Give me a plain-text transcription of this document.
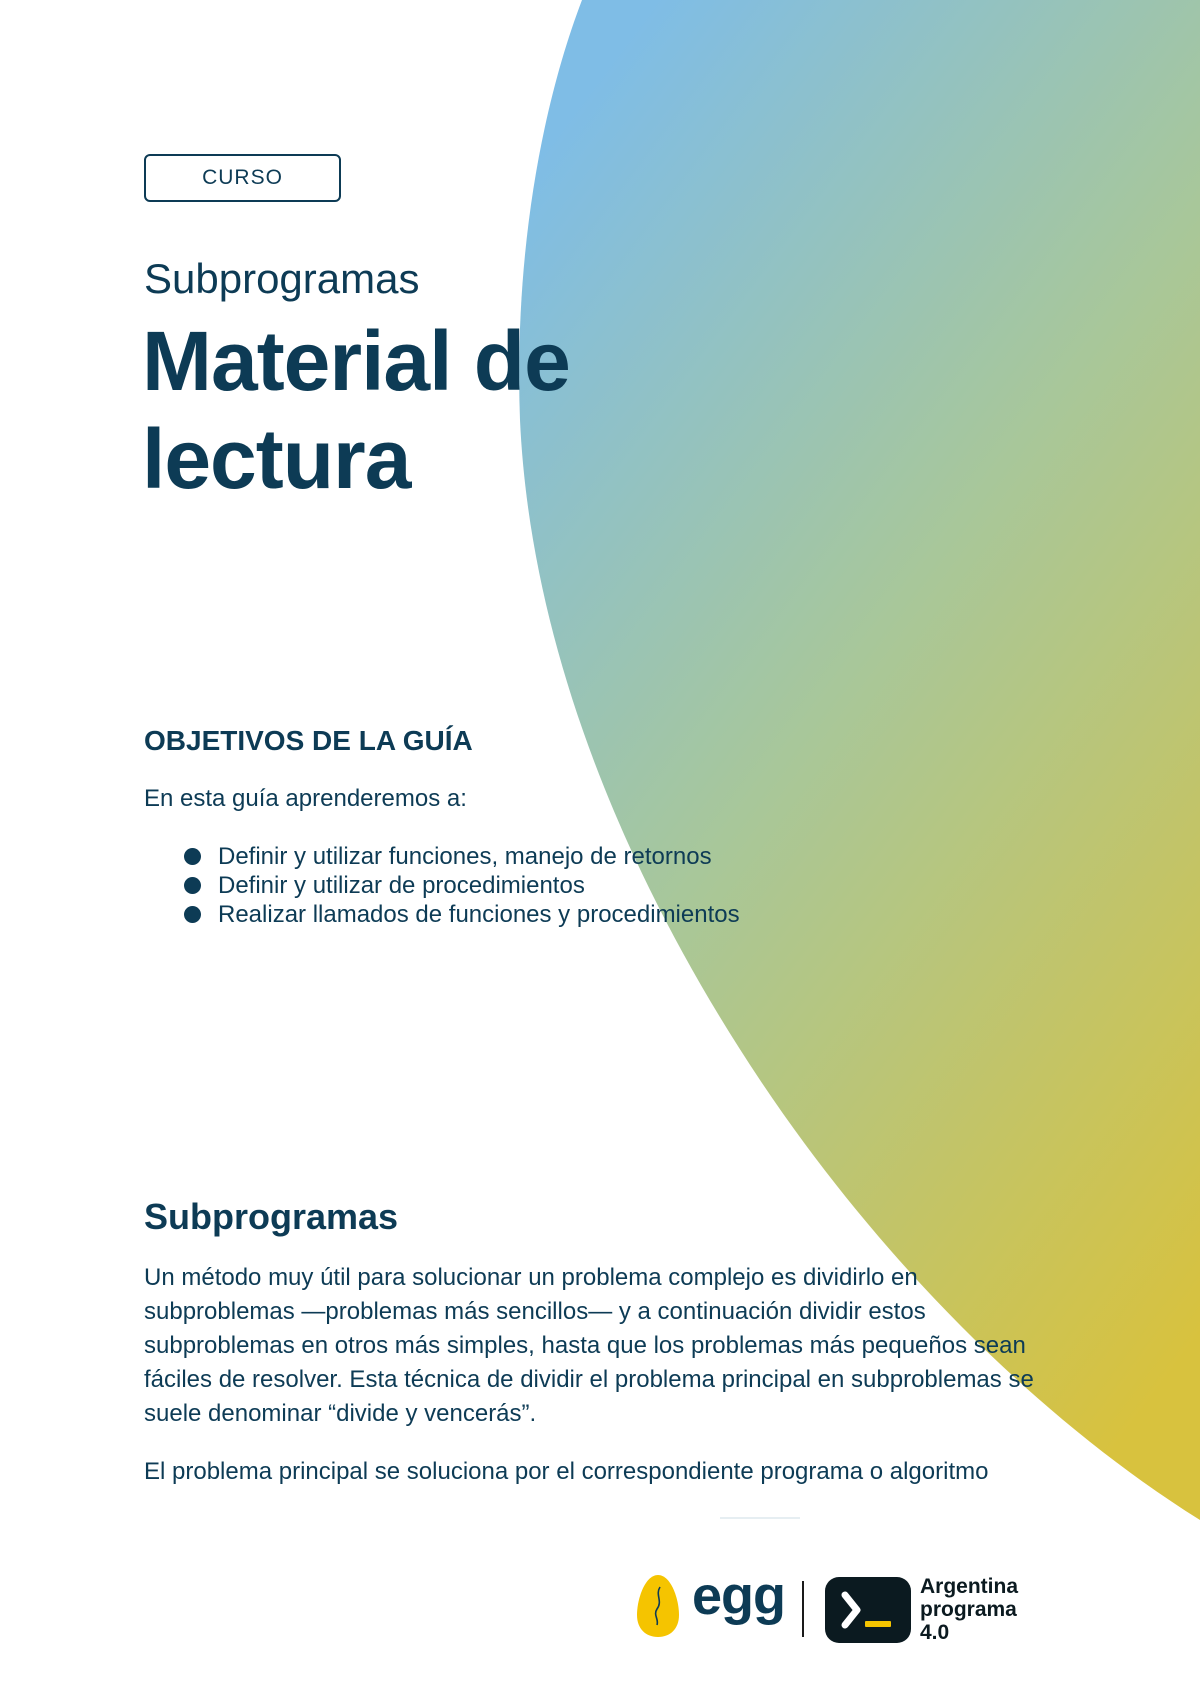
CURSO
Subprogramas
Material de
lectura
OBJETIVOS DE LA GUÍA
En esta guía aprenderemos a:
Definir y utilizar funciones, manejo de retornos
Definir y utilizar de procedimientos
Realizar llamados de funciones y procedimientos
Subprogramas

Un método muy útil para solucionar un problema complejo es dividirlo en subproblemas —problemas más sencillos— y a continuación dividir estos subproblemas en otros más simples, hasta que los problemas más pequeños sean fáciles de resolver. Esta técnica de dividir el problema principal en subproblemas se suele denominar “divide y vencerás”.

El problema principal se soluciona por el correspondiente programa o algoritmo

egg	Argentina
programa
4.0
